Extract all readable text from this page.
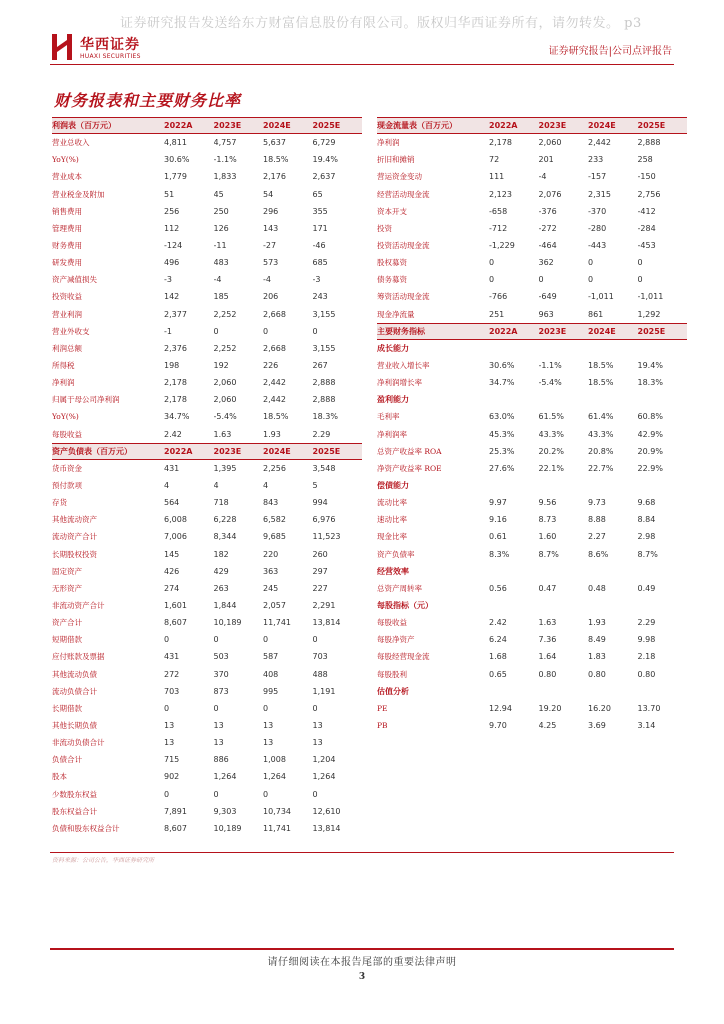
证券研究报告发送给东方财富信息股份有限公司。版权归华西证券所有，请勿转发。 p3
华西证券
HUAXI SECURITIES	证券研究报告|公司点评报告
财务报表和主要财务比率
利润表（百万元）	2022A	2023E	2024E	2025E
营业总收入	4,811	4,757	5,637	6,729
YoY(%)	30.6%	-1.1%	18.5%	19.4%
营业成本	1,779	1,833	2,176	2,637
营业税金及附加	51	45	54	65
销售费用	256	250	296	355
管理费用	112	126	143	171
财务费用	-124	-11	-27	-46
研发费用	496	483	573	685
资产减值损失	-3	-4	-4	-3
投资收益	142	185	206	243
营业利润	2,377	2,252	2,668	3,155
营业外收支	-1	0	0	0
利润总额	2,376	2,252	2,668	3,155
所得税	198	192	226	267
净利润	2,178	2,060	2,442	2,888
归属于母公司净利润	2,178	2,060	2,442	2,888
YoY(%)	34.7%	-5.4%	18.5%	18.3%
每股收益	2.42	1.63	1.93	2.29
资产负债表（百万元）	2022A	2023E	2024E	2025E
货币资金	431	1,395	2,256	3,548
预付款项	4	4	4	5
存货	564	718	843	994
其他流动资产	6,008	6,228	6,582	6,976
流动资产合计	7,006	8,344	9,685	11,523
长期股权投资	145	182	220	260
固定资产	426	429	363	297
无形资产	274	263	245	227
非流动资产合计	1,601	1,844	2,057	2,291
资产合计	8,607	10,189	11,741	13,814
短期借款	0	0	0	0
应付账款及票据	431	503	587	703
其他流动负债	272	370	408	488
流动负债合计	703	873	995	1,191
长期借款	0	0	0	0
其他长期负债	13	13	13	13
非流动负债合计	13	13	13	13
负债合计	715	886	1,008	1,204
股本	902	1,264	1,264	1,264
少数股东权益	0	0	0	0
股东权益合计	7,891	9,303	10,734	12,610
负债和股东权益合计	8,607	10,189	11,741	13,814
现金流量表（百万元）	2022A	2023E	2024E	2025E
净利润	2,178	2,060	2,442	2,888
折旧和摊销	72	201	233	258
营运资金变动	111	-4	-157	-150
经营活动现金流	2,123	2,076	2,315	2,756
资本开支	-658	-376	-370	-412
投资	-712	-272	-280	-284
投资活动现金流	-1,229	-464	-443	-453
股权募资	0	362	0	0
债务募资	0	0	0	0
筹资活动现金流	-766	-649	-1,011	-1,011
现金净流量	251	963	861	1,292
主要财务指标	2022A	2023E	2024E	2025E
成长能力
营业收入增长率	30.6%	-1.1%	18.5%	19.4%
净利润增长率	34.7%	-5.4%	18.5%	18.3%
盈利能力
毛利率	63.0%	61.5%	61.4%	60.8%
净利润率	45.3%	43.3%	43.3%	42.9%
总资产收益率 ROA	25.3%	20.2%	20.8%	20.9%
净资产收益率 ROE	27.6%	22.1%	22.7%	22.9%
偿债能力
流动比率	9.97	9.56	9.73	9.68
速动比率	9.16	8.73	8.88	8.84
现金比率	0.61	1.60	2.27	2.98
资产负债率	8.3%	8.7%	8.6%	8.7%
经营效率
总资产周转率	0.56	0.47	0.48	0.49
每股指标（元）
每股收益	2.42	1.63	1.93	2.29
每股净资产	6.24	7.36	8.49	9.98
每股经营现金流	1.68	1.64	1.83	2.18
每股股利	0.65	0.80	0.80	0.80
估值分析
PE	12.94	19.20	16.20	13.70
PB	9.70	4.25	3.69	3.14
资料来源：公司公告，华西证券研究所
请仔细阅读在本报告尾部的重要法律声明
3
